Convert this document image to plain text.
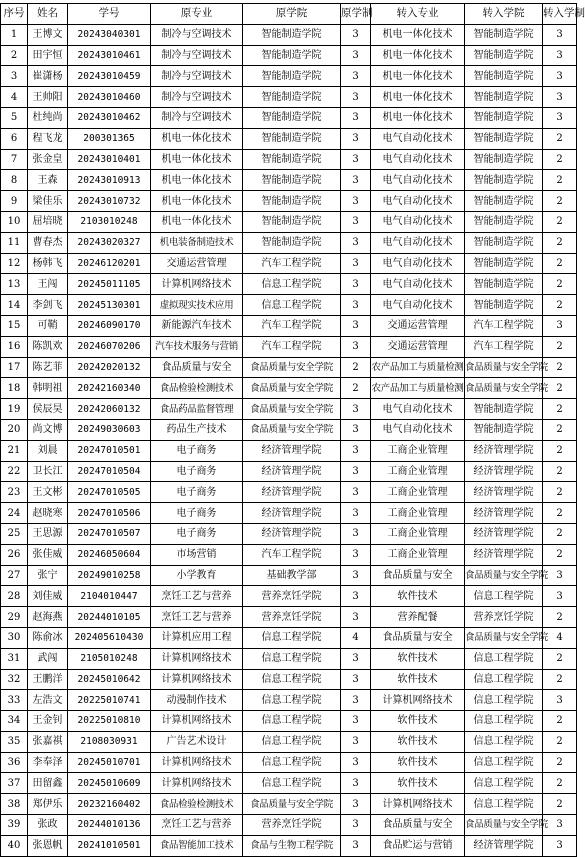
序号	姓名	学号	原专业	原学院	原学制	转入专业	转入学院	转入学制
1	王博文	20243040301	制冷与空调技术	智能制造学院	3	机电一体化技术	智能制造学院	3
2	田宇恒	20243010461	制冷与空调技术	智能制造学院	3	机电一体化技术	智能制造学院	3
3	崔潇杨	20243010459	制冷与空调技术	智能制造学院	3	机电一体化技术	智能制造学院	3
4	王帅阳	20243010460	制冷与空调技术	智能制造学院	3	机电一体化技术	智能制造学院	3
5	杜纯尚	20243010462	制冷与空调技术	智能制造学院	3	机电一体化技术	智能制造学院	3
6	程飞龙	200301365	机电一体化技术	智能制造学院	3	电气自动化技术	智能制造学院	2
7	张金皇	20243010401	机电一体化技术	智能制造学院	3	电气自动化技术	智能制造学院	2
8	王森	20243010913	机电一体化技术	智能制造学院	3	电气自动化技术	智能制造学院	2
9	梁佳乐	20243010732	机电一体化技术	智能制造学院	3	电气自动化技术	智能制造学院	2
10	屈培晓	2103010248	机电一体化技术	智能制造学院	3	电气自动化技术	智能制造学院	2
11	曹春杰	20243020327	机电装备制造技术	智能制造学院	3	电气自动化技术	智能制造学院	2
12	杨韩飞	20246120201	交通运营管理	汽车工程学院	3	电气自动化技术	智能制造学院	2
13	王闯	20245011105	计算机网络技术	信息工程学院	3	电气自动化技术	智能制造学院	2
14	李剑飞	20245130301	虚拟现实技术应用	信息工程学院	3	电气自动化技术	智能制造学院	2
15	可鞘	20246090170	新能源汽车技术	汽车工程学院	3	交通运营管理	汽车工程学院	3
16	陈凯欢	20246070206	汽车技术服务与营销	汽车工程学院	3	交通运营管理	汽车工程学院	2
17	陈艺菲	20242020132	食品质量与安全	食品质量与安全学院	2	农产品加工与质量检测	食品质量与安全学院	2
18	韩明祖	20242160340	食品检验检测技术	食品质量与安全学院	2	农产品加工与质量检测	食品质量与安全学院	2
19	侯辰昊	20242060132	食品药品监督管理	食品质量与安全学院	3	电气自动化技术	智能制造学院	2
20	尚文博	20249030603	药品生产技术	食品质量与安全学院	3	电气自动化技术	智能制造学院	2
21	刘晨	20247010501	电子商务	经济管理学院	3	工商企业管理	经济管理学院	2
22	卫长江	20247010504	电子商务	经济管理学院	3	工商企业管理	经济管理学院	2
23	王文彬	20247010505	电子商务	经济管理学院	3	工商企业管理	经济管理学院	2
24	赵晓寒	20247010506	电子商务	经济管理学院	3	工商企业管理	经济管理学院	2
25	王思源	20247010507	电子商务	经济管理学院	3	工商企业管理	经济管理学院	2
26	张佳威	20246050604	市场营销	汽车工程学院	3	工商企业管理	经济管理学院	2
27	张宁	20249010258	小学教育	基础教学部	3	食品质量与安全	食品质量与安全学院	3
28	刘佳威	2104010447	烹饪工艺与营养	营养烹饪学院	3	软件技术	信息工程学院	3
29	赵海燕	20244010105	烹饪工艺与营养	营养烹饪学院	3	营养配餐	营养烹饪学院	2
30	陈俞冰	202405610430	计算机应用工程	信息工程学院	4	食品质量与安全	食品质量与安全学院	4
31	武闯	2105010248	计算机网络技术	信息工程学院	3	软件技术	信息工程学院	2
32	王鹏洋	20245010642	计算机网络技术	信息工程学院	3	软件技术	信息工程学院	2
33	左浩文	20225010741	动漫制作技术	信息工程学院	3	计算机网络技术	信息工程学院	3
34	王金钊	20225010810	计算机网络技术	信息工程学院	3	软件技术	信息工程学院	2
35	张嘉祺	2108030931	广告艺术设计	信息工程学院	3	软件技术	信息工程学院	2
36	李奉泽	20245010701	计算机网络技术	信息工程学院	3	软件技术	信息工程学院	2
37	田留鑫	20245010609	计算机网络技术	信息工程学院	3	软件技术	信息工程学院	2
38	郑伊乐	20232160402	食品检验检测技术	食品质量与安全学院	3	计算机网络技术	信息工程学院	2
39	张政	20244010136	烹饪工艺与营养	营养烹饪学院	3	食品质量与安全	食品质量与安全学院	3
40	张恩帆	20241010501	食品智能加工技术	食品与生物工程学院	3	食品贮运与营销	经济管理学院	3
